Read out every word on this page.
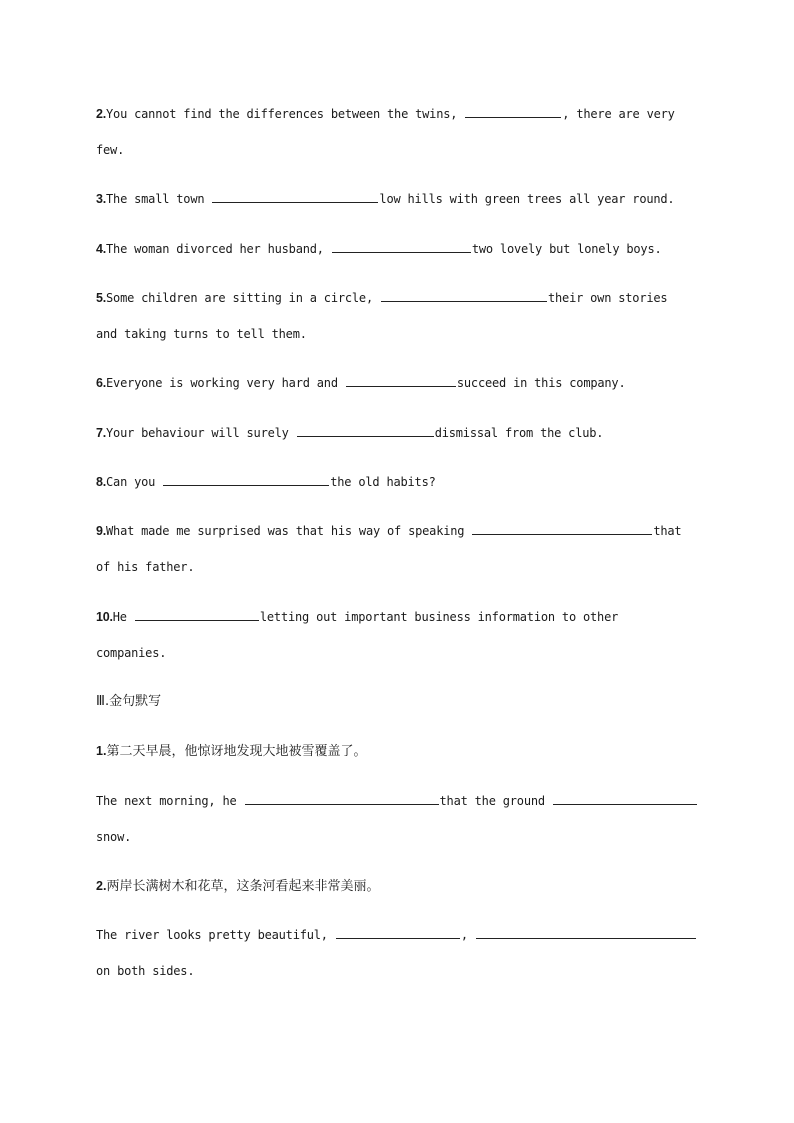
2.You cannot find the differences between the twins,	, there are very
few.
3.The small town	low hills with green trees all year round.
4.The woman divorced her husband,	two lovely but lonely boys.
5.Some children are sitting in a circle,	their own stories
and taking turns to tell them.
6.Everyone is working very hard and	succeed in this company.
7.Your behaviour will surely	dismissal from the club.
8.Can you	the old habits?
9.What made me surprised was that his way of speaking	that
of his father.
10.He	letting out important business information to other
companies.
Ⅲ.金句默写
1.第二天早晨，他惊讶地发现大地被雪覆盖了。
The next morning, he	that the ground
snow.
2.两岸长满树木和花草，这条河看起来非常美丽。
The river looks pretty beautiful,	,
on both sides.
